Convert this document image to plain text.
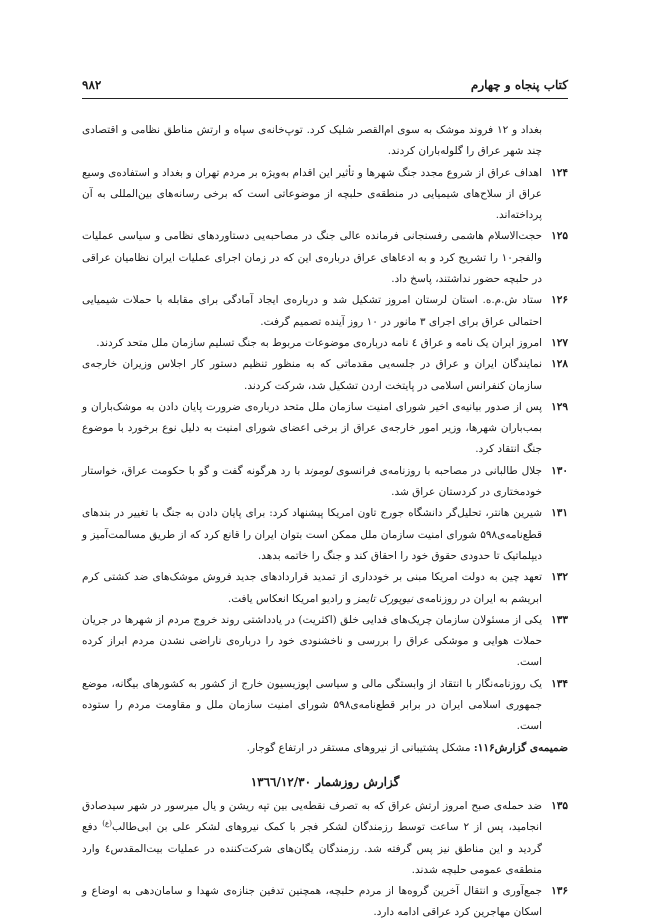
کتاب پنجاه و چهارم
۹۸۲
بغداد و ۱۲ فروند موشک به سوی ام‌القصر شلیک کرد. توپ‌خانه‌ی سپاه و ارتش مناطق نظامی و اقتصادی چند شهر عراق را گلوله‌باران کردند.
۱۲۴
اهداف عراق از شروع مجدد جنگ شهرها و تأثیر این اقدام به‌ویژه بر مردم تهران و بغداد و استفاده‌ی وسیع عراق از سلاح‌های شیمیایی در منطقه‌ی حلبچه از موضوعاتی است که برخی رسانه‌های بین‌المللی به آن پرداخته‌اند.
۱۲۵
حجت‌الاسلام هاشمی رفسنجانی فرمانده عالی جنگ در مصاحبه‌یی دستاوردهای نظامی و سیاسی عملیات والفجر۱۰ را تشریح کرد و به ادعاهای عراق درباره‌ی این که در زمان اجرای عملیات ایران نظامیان عراقی در حلبچه حضور نداشتند، پاسخ داد.
۱۲۶
ستاد ش.م.ه. استان لرستان امروز تشکیل شد و درباره‌ی ایجاد آمادگی برای مقابله با حملات شیمیایی احتمالی عراق برای اجرای ۳ مانور در ۱۰ روز آینده تصمیم گرفت.
۱۲۷
امروز ایران یک نامه و عراق ٤ نامه درباره‌ی موضوعات مربوط به جنگ تسلیم سازمان ملل متحد کردند.
۱۲۸
نمایندگان ایران و عراق در جلسه‌یی مقدماتی که به منظور تنظیم دستور کار اجلاس وزیران خارجه‌ی سازمان کنفرانس اسلامی در پایتخت اردن تشکیل شد، شرکت کردند.
۱۲۹
پس از صدور بیانیه‌ی اخیر شورای امنیت سازمان ملل متحد درباره‌ی ضرورت پایان دادن به موشک‌باران و بمب‌باران شهرها، وزیر امور خارجه‌ی عراق از برخی اعضای شورای امنیت به دلیل نوع برخورد با موضوع جنگ انتقاد کرد.
۱۳۰
جلال طالبانی در مصاحبه با روزنامه‌ی فرانسوی لوموند با رد هرگونه گفت و گو با حکومت عراق، خواستار خودمختاری در کردستان عراق شد.
۱۳۱
شیرین هانتر، تحلیل‌گر دانشگاه جورج تاون امریکا پیشنهاد کرد: برای پایان دادن به جنگ با تغییر در بندهای قطع‌نامه‌ی۵۹۸ شورای امنیت سازمان ملل ممکن است بتوان ایران را قانع کرد که از طریق مسالمت‌آمیز و دیپلماتیک تا حدودی حقوق خود را احقاق کند و جنگ را خاتمه بدهد.
۱۳۲
تعهد چین به دولت امریکا مبنی بر خودداری از تمدید قراردادهای جدید فروش موشک‌های ضد کشتی کرم ابریشم به ایران در روزنامه‌ی نیویورک تایمز و رادیو امریکا انعکاس یافت.
۱۳۳
یکی از مسئولان سازمان چریک‌های فدایی خلق (اکثریت) در یادداشتی روند خروج مردم از شهرها در جریان حملات هوایی و موشکی عراق را بررسی و ناخشنودی خود را درباره‌ی ناراضی نشدن مردم ابراز کرده است.
۱۳۴
یک روزنامه‌نگار با انتقاد از وابستگی مالی و سیاسی اپوزیسیون خارج از کشور به کشورهای بیگانه، موضع جمهوری اسلامی ایران در برابر قطع‌نامه‌ی۵۹۸ شورای امنیت سازمان ملل و مقاومت مردم را ستوده است.
ضمیمه‌ی گزارش۱۱۶: مشکل پشتیبانی از نیروهای مستقر در ارتفاع گوجار.
گزارش روزشمار ۱۳٦٦/۱۲/۳۰
۱۳۵
ضد حمله‌ی صبح امروز ارتش عراق که به تصرف نقطه‌یی بین تپه ریشن و یال میرسور در شهر سیدصادق انجامید، پس از ۲ ساعت توسط رزمندگان لشکر فجر با کمک نیروهای لشکر علی بن ابی‌طالب$^{(ع)}$ دفع گردید و این مناطق نیز پس گرفته شد. رزمندگان یگان‌های شرکت‌کننده در عملیات بیت‌المقدس٤ وارد منطقه‌ی عمومی حلبچه شدند.
۱۳۶
جمع‌آوری و انتقال آخرین گروه‌ها از مردم حلبچه، همچنین تدفین جنازه‌ی شهدا و سامان‌دهی به اوضاع و اسکان مهاجرین کرد عراقی ادامه دارد.
